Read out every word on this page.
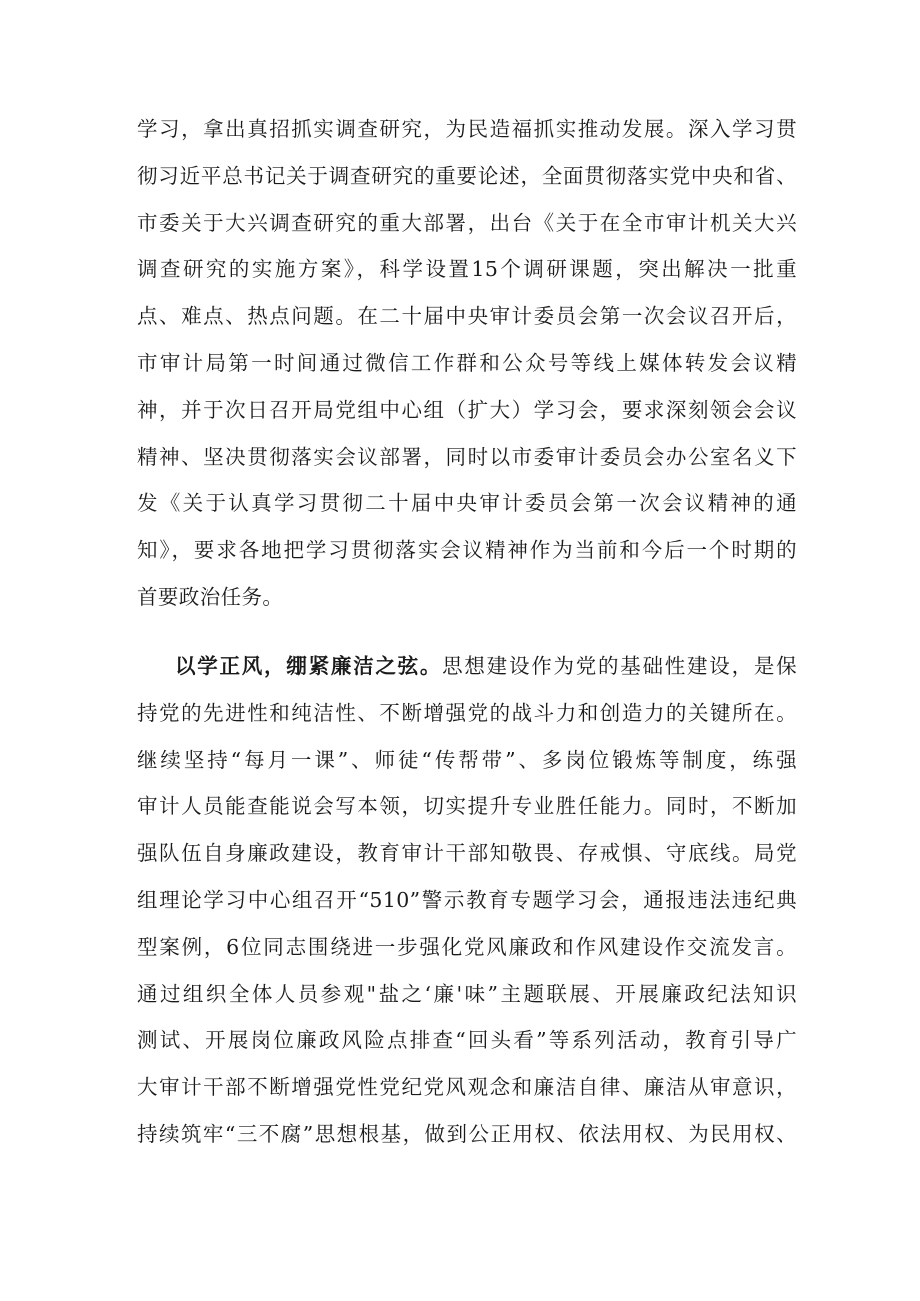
学习，拿出真招抓实调查研究，为民造福抓实推动发展。深入学习贯
彻习近平总书记关于调查研究的重要论述，全面贯彻落实党中央和省、
市委关于大兴调查研究的重大部署，出台《关于在全市审计机关大兴
调查研究的实施方案》，科学设置15个调研课题，突出解决一批重
点、难点、热点问题。在二十届中央审计委员会第一次会议召开后，
市审计局第一时间通过微信工作群和公众号等线上媒体转发会议精
神，并于次日召开局党组中心组（扩大）学习会，要求深刻领会会议
精神、坚决贯彻落实会议部署，同时以市委审计委员会办公室名义下
发《关于认真学习贯彻二十届中央审计委员会第一次会议精神的通
知》，要求各地把学习贯彻落实会议精神作为当前和今后一个时期的
首要政治任务。
以学正风，绷紧廉洁之弦。思想建设作为党的基础性建设，是保
持党的先进性和纯洁性、不断增强党的战斗力和创造力的关键所在。
继续坚持“每月一课”、师徒“传帮带”、多岗位锻炼等制度，练强
审计人员能查能说会写本领，切实提升专业胜任能力。同时，不断加
强队伍自身廉政建设，教育审计干部知敬畏、存戒惧、守底线。局党
组理论学习中心组召开“510”警示教育专题学习会，通报违法违纪典
型案例，6位同志围绕进一步强化党风廉政和作风建设作交流发言。
通过组织全体人员参观"盐之‘廉'味”主题联展、开展廉政纪法知识
测试、开展岗位廉政风险点排查“回头看”等系列活动，教育引导广
大审计干部不断增强党性党纪党风观念和廉洁自律、廉洁从审意识，
持续筑牢“三不腐”思想根基，做到公正用权、依法用权、为民用权、
